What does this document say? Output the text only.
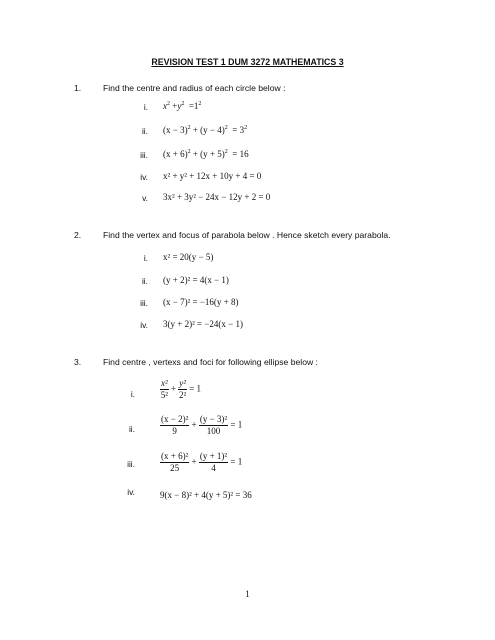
REVISION TEST 1 DUM 3272 MATHEMATICS 3
1.	Find the centre and radius of each circle below :
i. $x^2 +y^2 =1^2$
ii. $(x - 3)^2 + (y - 4)^2 = 3^2$
iii. $(x + 6)^2 + (y + 5)^2 = 16$
iv. x² + y² + 12x + 10y + 4 = 0
v. 3x² + 3y² − 24x − 12y + 2 = 0
2.	Find the vertex and focus of parabola below . Hence sketch every parabola.
i. x² = 20(y − 5)
ii. (y + 2)² = 4(x − 1)
iii. (x − 7)² = −16(y + 8)
iv. 3(y + 2)² = −24(x − 1)
3.	Find centre , vertexs and foci for following ellipse below :
i.	$\frac{\text{x²}}{\text{5²}} + \frac{\text{y²}}{\text{2²}} = 1$
ii.	$\frac{\text{(x − 2)²}}{9} + \frac{\text{(y − 3)²}}{100} = 1$
iii.	$\frac{\text{(x + 6)²}}{25} + \frac{\text{(y + 1)²}}{4} = 1$
iv.	9(x − 8)² + 4(y + 5)² = 36
1
